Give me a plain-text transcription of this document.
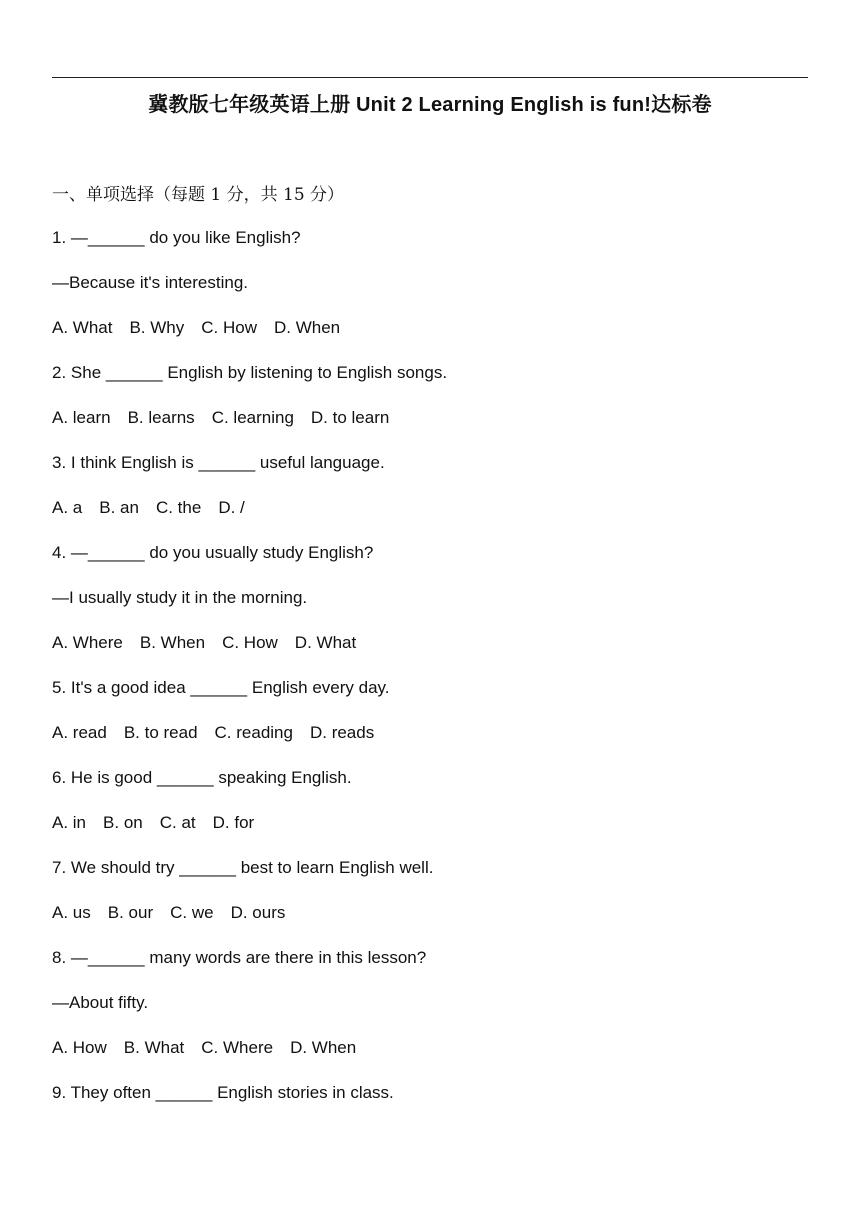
冀教版七年级英语上册 Unit 2 Learning English is fun!达标卷
一、单项选择（每题 1 分，共 15 分）
1. —______ do you like English?
—Because it's interesting.
A. What B. Why C. How D. When
2. She ______ English by listening to English songs.
A. learn B. learns C. learning D. to learn
3. I think English is ______ useful language.
A. a B. an C. the D. /
4. —______ do you usually study English?
—I usually study it in the morning.
A. Where B. When C. How D. What
5. It's a good idea ______ English every day.
A. read B. to read C. reading D. reads
6. He is good ______ speaking English.
A. in B. on C. at D. for
7. We should try ______ best to learn English well.
A. us B. our C. we D. ours
8. —______ many words are there in this lesson?
—About fifty.
A. How B. What C. Where D. When
9. They often ______ English stories in class.
